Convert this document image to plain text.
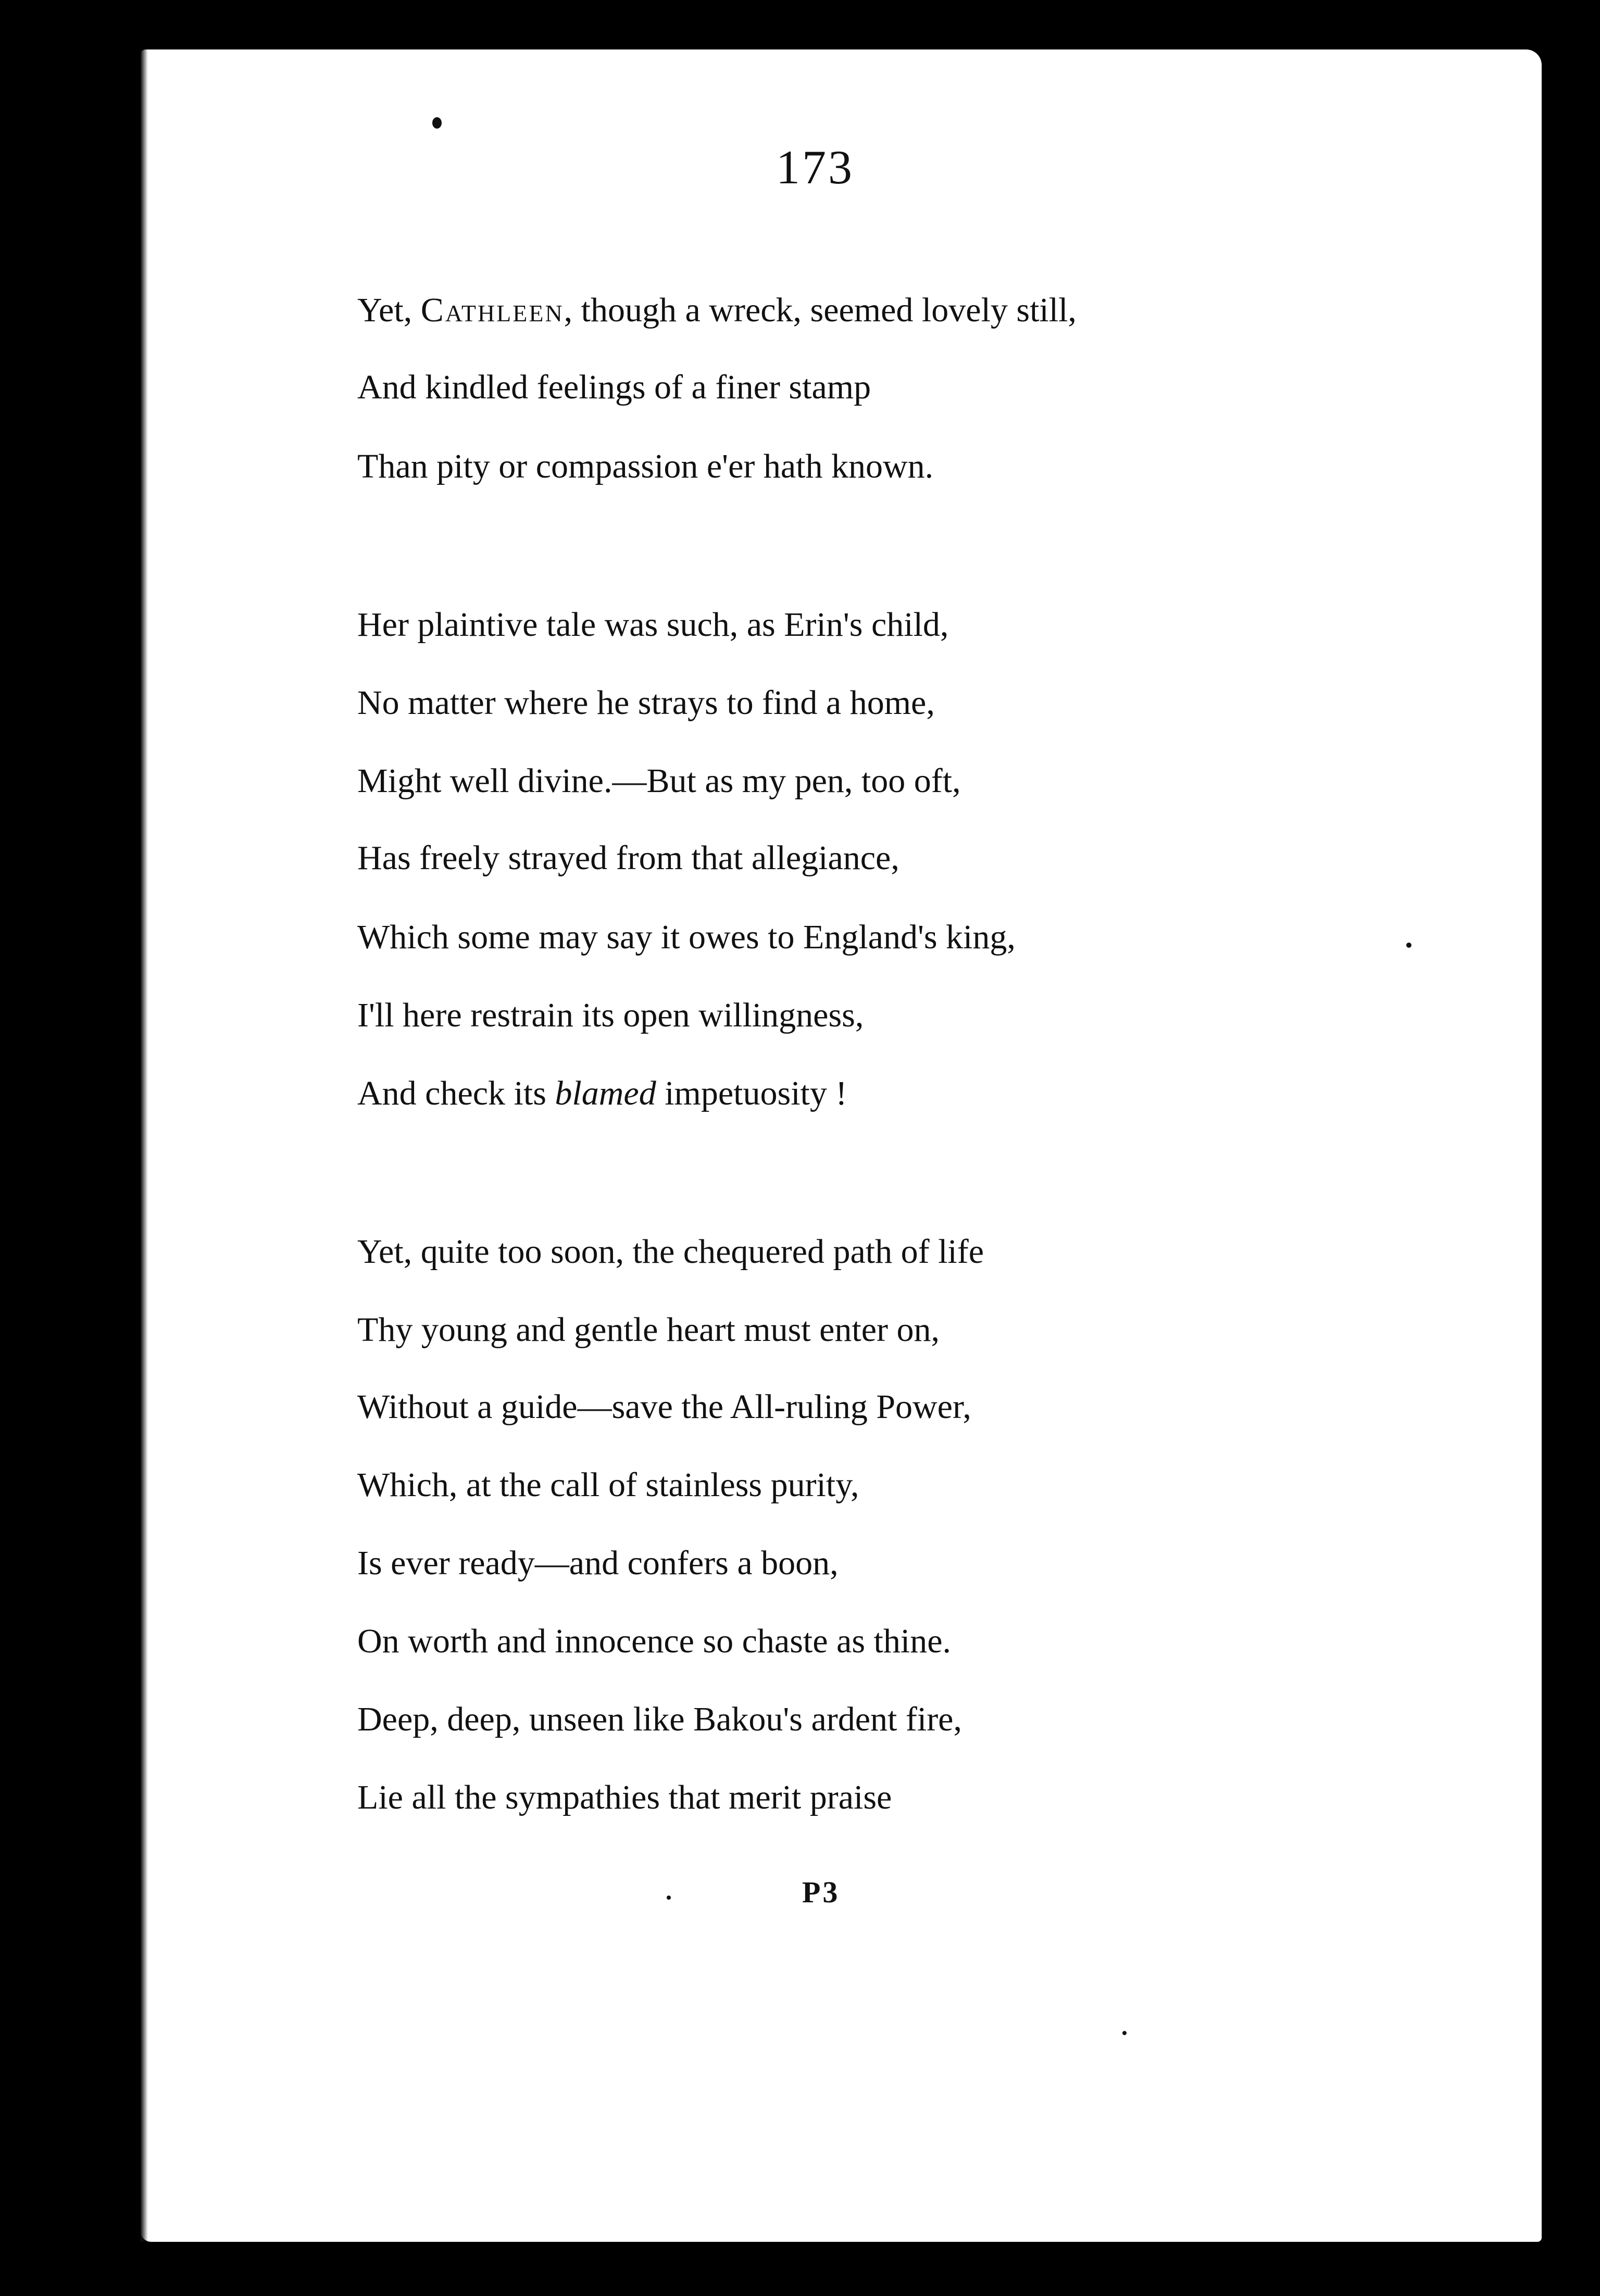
173
Yet, Cathleen, though a wreck, seemed lovely still,
And kindled feelings of a finer stamp
Than pity or compassion e'er hath known.
Her plaintive tale was such, as Erin's child,
No matter where he strays to find a home,
Might well divine.—But as my pen, too oft,
Has freely strayed from that allegiance,
Which some may say it owes to England's king,
I'll here restrain its open willingness,
And check its blamed impetuosity !
Yet, quite too soon, the chequered path of life
Thy young and gentle heart must enter on,
Without a guide—save the All-ruling Power,
Which, at the call of stainless purity,
Is ever ready—and confers a boon,
On worth and innocence so chaste as thine.
Deep, deep, unseen like Bakou's ardent fire,
Lie all the sympathies that merit praise
P3
